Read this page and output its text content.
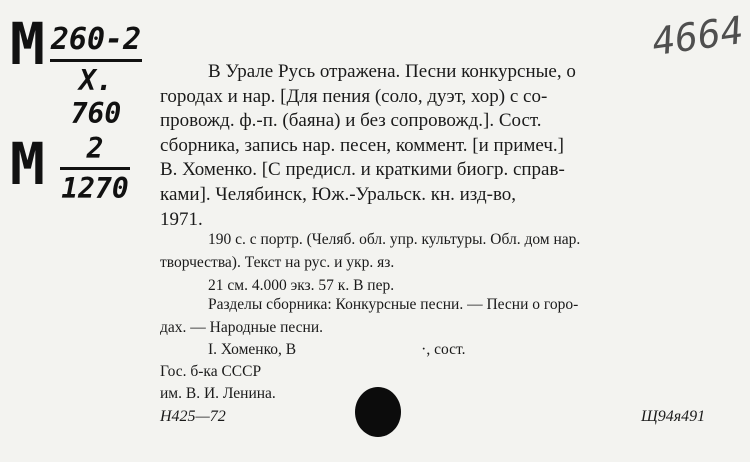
М 260-2
X. 760
М	2
1270
4664

В Урале Русь отражена. Песни конкурсные, о

городах и нар. [Для пения (соло, дуэт, хор) с со-

провожд. ф.-п. (баяна) и без сопровожд.]. Сост.

сборника, запись нар. песен, коммент. [и примеч.]

В. Хоменко. [С предисл. и краткими биогр. справ-

ками]. Челябинск, Юж.-Уральск. кн. изд-во,

1971.

190 с. с портр. (Челяб. обл. упр. культуры. Обл. дом нар.

творчества). Текст на рус. и укр. яз.

21 см. 4.000 экз. 57 к. В пер.

Разделы сборника: Конкурсные песни. — Песни о горо-

дах. — Народные песни.

I. Хоменко, В	·, сост.
Гос. б-ка СССР
им. В. И. Ленина.
Н425—72	Щ94я491
